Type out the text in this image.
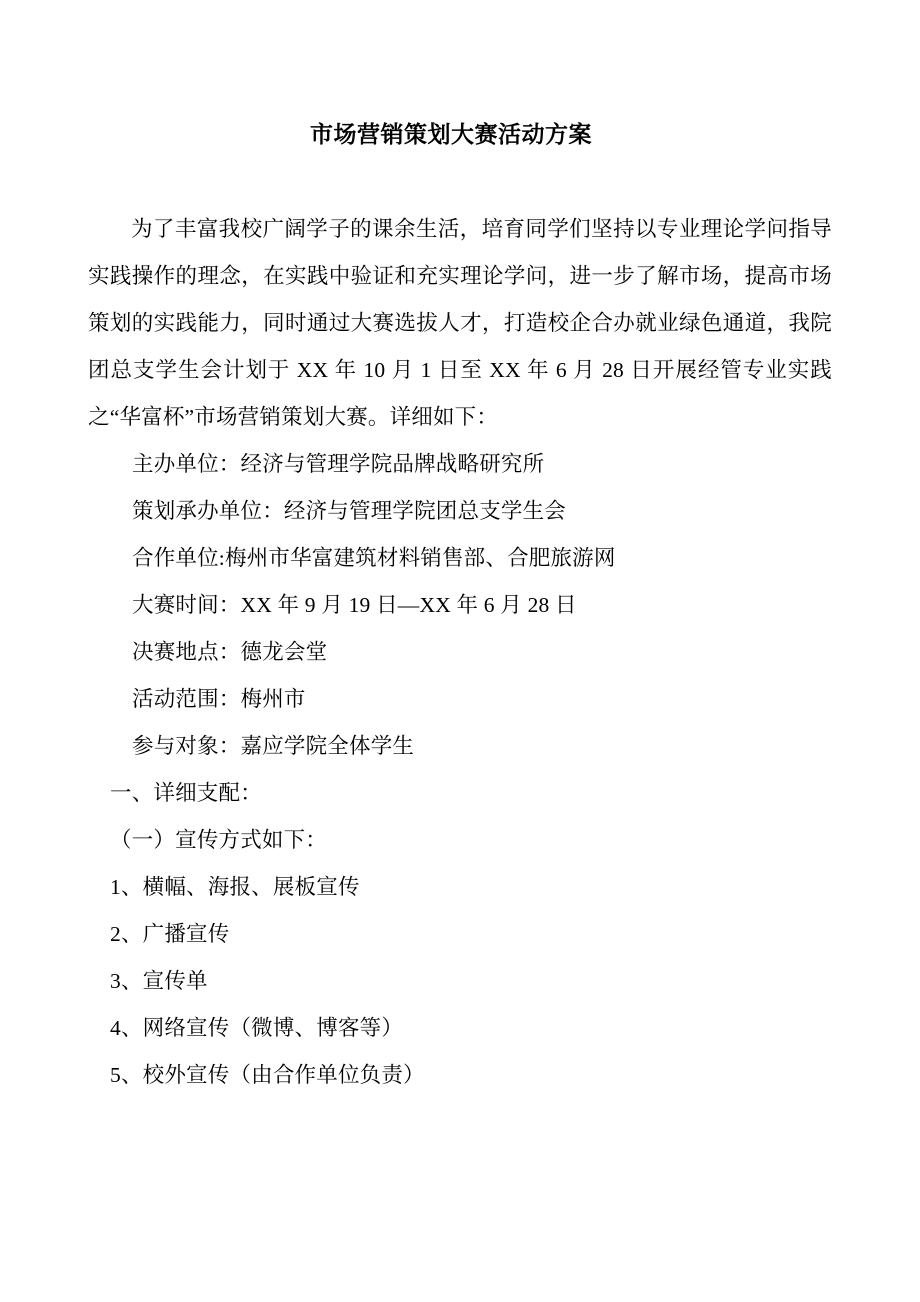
市场营销策划大赛活动方案

为了丰富我校广阔学子的课余生活，培育同学们坚持以专业理论学问指导实践操作的理念，在实践中验证和充实理论学问，进一步了解市场，提高市场策划的实践能力，同时通过大赛选拔人才，打造校企合办就业绿色通道，我院团总支学生会计划于 XX 年 10 月 1 日至 XX 年 6 月 28 日开展经管专业实践之“华富杯”市场营销策划大赛。详细如下：

主办单位：经济与管理学院品牌战略研究所

策划承办单位：经济与管理学院团总支学生会

合作单位:梅州市华富建筑材料销售部、合肥旅游网

大赛时间：XX 年 9 月 19 日—XX 年 6 月 28 日

决赛地点：德龙会堂

活动范围：梅州市

参与对象：嘉应学院全体学生

一、详细支配：

（一）宣传方式如下：

1、横幅、海报、展板宣传

2、广播宣传

3、宣传单

4、网络宣传（微博、博客等）

5、校外宣传（由合作单位负责）
